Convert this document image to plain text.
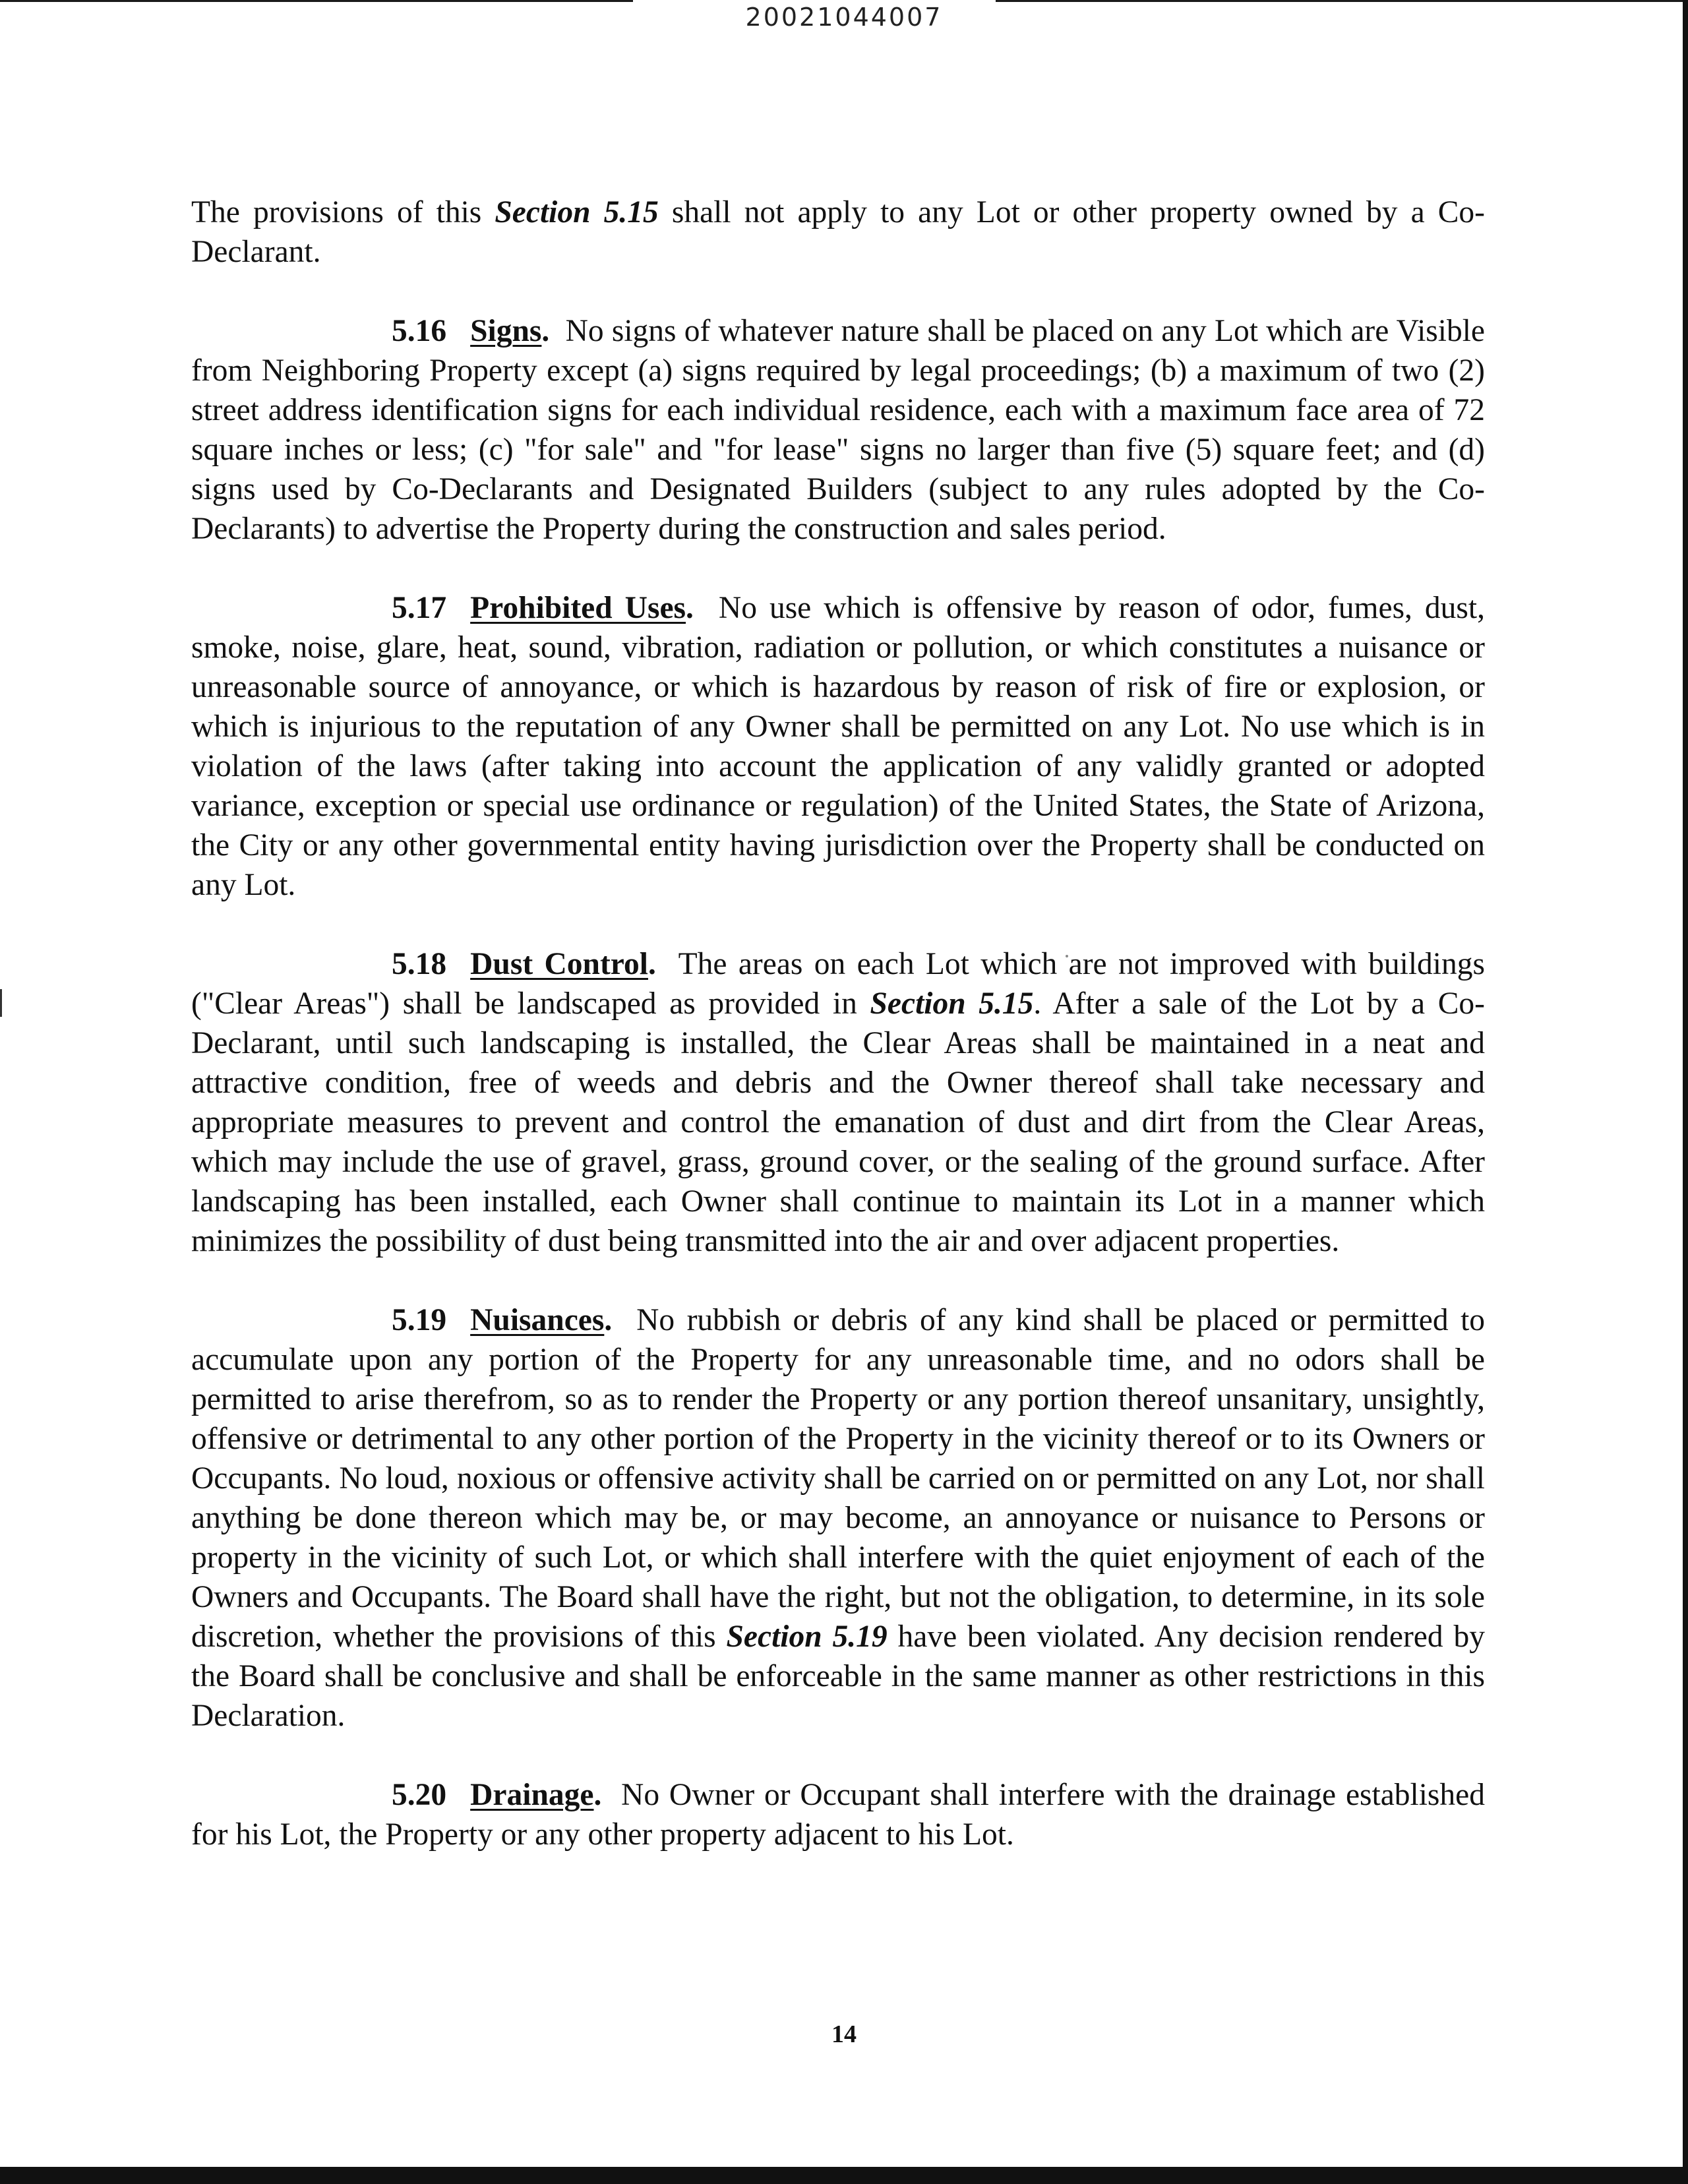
20021044007

The provisions of this Section 5.15 shall not apply to any Lot or other property owned by a Co-Declarant.

5.16 Signs. No signs of whatever nature shall be placed on any Lot which are Visible from Neighboring Property except (a) signs required by legal proceedings; (b) a maximum of two (2) street address identification signs for each individual residence, each with a maximum face area of 72 square inches or less; (c) "for sale" and "for lease" signs no larger than five (5) square feet; and (d) signs used by Co-Declarants and Designated Builders (subject to any rules adopted by the Co-Declarants) to advertise the Property during the construction and sales period.

5.17 Prohibited Uses. No use which is offensive by reason of odor, fumes, dust, smoke, noise, glare, heat, sound, vibration, radiation or pollution, or which constitutes a nuisance or unreasonable source of annoyance, or which is hazardous by reason of risk of fire or explosion, or which is injurious to the reputation of any Owner shall be permitted on any Lot. No use which is in violation of the laws (after taking into account the application of any validly granted or adopted variance, exception or special use ordinance or regulation) of the United States, the State of Arizona, the City or any other governmental entity having jurisdiction over the Property shall be conducted on any Lot.

5.18 Dust Control. The areas on each Lot which are not improved with buildings ("Clear Areas") shall be landscaped as provided in Section 5.15. After a sale of the Lot by a Co-Declarant, until such landscaping is installed, the Clear Areas shall be maintained in a neat and attractive condition, free of weeds and debris and the Owner thereof shall take necessary and appropriate measures to prevent and control the emanation of dust and dirt from the Clear Areas, which may include the use of gravel, grass, ground cover, or the sealing of the ground surface. After landscaping has been installed, each Owner shall continue to maintain its Lot in a manner which minimizes the possibility of dust being transmitted into the air and over adjacent properties.

5.19 Nuisances. No rubbish or debris of any kind shall be placed or permitted to accumulate upon any portion of the Property for any unreasonable time, and no odors shall be permitted to arise therefrom, so as to render the Property or any portion thereof unsanitary, unsightly, offensive or detrimental to any other portion of the Property in the vicinity thereof or to its Owners or Occupants. No loud, noxious or offensive activity shall be carried on or permitted on any Lot, nor shall anything be done thereon which may be, or may become, an annoyance or nuisance to Persons or property in the vicinity of such Lot, or which shall interfere with the quiet enjoyment of each of the Owners and Occupants. The Board shall have the right, but not the obligation, to determine, in its sole discretion, whether the provisions of this Section 5.19 have been violated. Any decision rendered by the Board shall be conclusive and shall be enforceable in the same manner as other restrictions in this Declaration.

5.20 Drainage. No Owner or Occupant shall interfere with the drainage established for his Lot, the Property or any other property adjacent to his Lot.

14
